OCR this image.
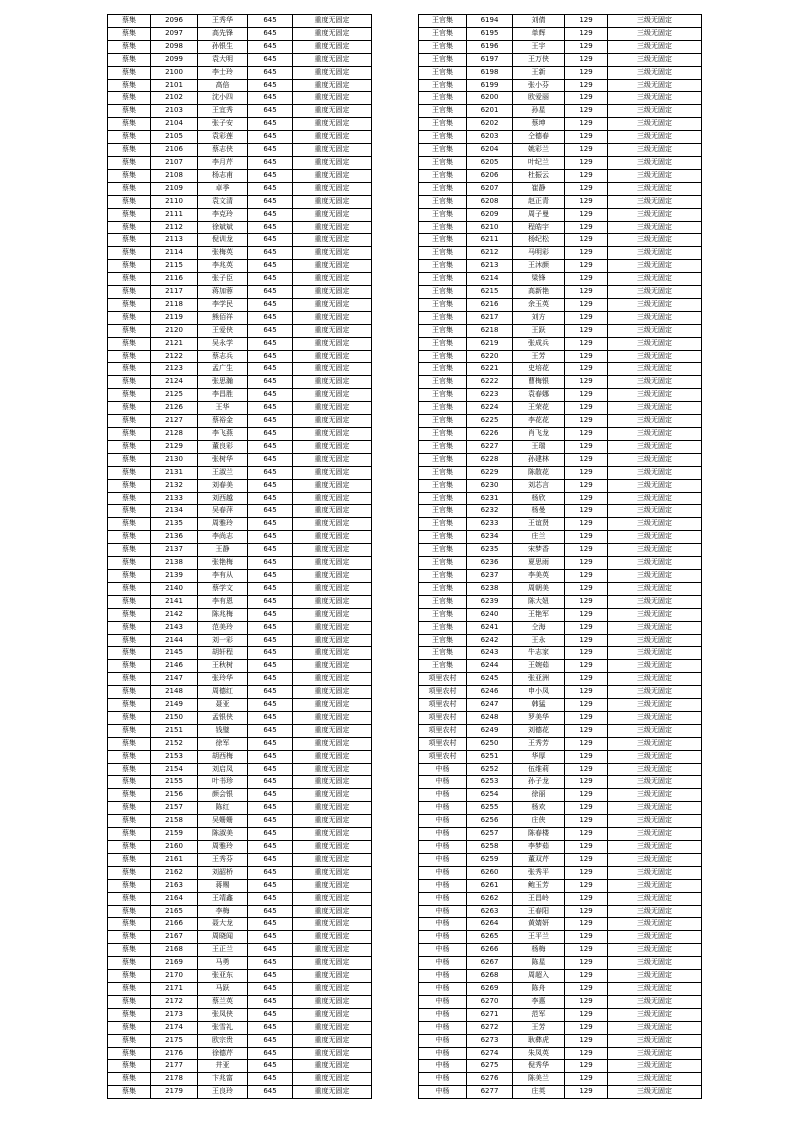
蔡集	2096	王秀华	645	重度无固定
蔡集	2097	高先锋	645	重度无固定
蔡集	2098	孙银生	645	重度无固定
蔡集	2099	袁大明	645	重度无固定
蔡集	2100	李士玲	645	重度无固定
蔡集	2101	高倍	645	重度无固定
蔡集	2102	沈小四	645	重度无固定
蔡集	2103	王宜秀	645	重度无固定
蔡集	2104	张子安	645	重度无固定
蔡集	2105	袁彩莲	645	重度无固定
蔡集	2106	蔡志侠	645	重度无固定
蔡集	2107	李月芹	645	重度无固定
蔡集	2108	杨志甫	645	重度无固定
蔡集	2109	卓季	645	重度无固定
蔡集	2110	袁文清	645	重度无固定
蔡集	2111	李克玲	645	重度无固定
蔡集	2112	徐斌斌	645	重度无固定
蔡集	2113	倪训龙	645	重度无固定
蔡集	2114	张梅英	645	重度无固定
蔡集	2115	李兆英	645	重度无固定
蔡集	2116	张子臣	645	重度无固定
蔡集	2117	蒋加蓉	645	重度无固定
蔡集	2118	李学民	645	重度无固定
蔡集	2119	熊佰祥	645	重度无固定
蔡集	2120	王爱侠	645	重度无固定
蔡集	2121	吴永学	645	重度无固定
蔡集	2122	蔡志兵	645	重度无固定
蔡集	2123	孟广生	645	重度无固定
蔡集	2124	张思瀚	645	重度无固定
蔡集	2125	李昌胜	645	重度无固定
蔡集	2126	王华	645	重度无固定
蔡集	2127	蔡裕金	645	重度无固定
蔡集	2128	李飞燕	645	重度无固定
蔡集	2129	董良彩	645	重度无固定
蔡集	2130	张树华	645	重度无固定
蔡集	2131	王淑兰	645	重度无固定
蔡集	2132	刘春美	645	重度无固定
蔡集	2133	刘西越	645	重度无固定
蔡集	2134	吴春萍	645	重度无固定
蔡集	2135	周雅玲	645	重度无固定
蔡集	2136	李尚志	645	重度无固定
蔡集	2137	王静	645	重度无固定
蔡集	2138	张艳梅	645	重度无固定
蔡集	2139	李有从	645	重度无固定
蔡集	2140	蔡学文	645	重度无固定
蔡集	2141	李有恩	645	重度无固定
蔡集	2142	陈兆梅	645	重度无固定
蔡集	2143	范美玲	645	重度无固定
蔡集	2144	刘一彩	645	重度无固定
蔡集	2145	胡轩程	645	重度无固定
蔡集	2146	王秋树	645	重度无固定
蔡集	2147	张玲华	645	重度无固定
蔡集	2148	周德红	645	重度无固定
蔡集	2149	聂亚	645	重度无固定
蔡集	2150	孟银侠	645	重度无固定
蔡集	2151	钱璧	645	重度无固定
蔡集	2152	徐军	645	重度无固定
蔡集	2153	胡西梅	645	重度无固定
蔡集	2154	刘启凤	645	重度无固定
蔡集	2155	叶书珍	645	重度无固定
蔡集	2156	颜会银	645	重度无固定
蔡集	2157	陈红	645	重度无固定
蔡集	2158	吴姗姗	645	重度无固定
蔡集	2159	陈淑美	645	重度无固定
蔡集	2160	周雅玲	645	重度无固定
蔡集	2161	王秀芬	645	重度无固定
蔡集	2162	刘韶桥	645	重度无固定
蔡集	2163	蒋赐	645	重度无固定
蔡集	2164	王靖鑫	645	重度无固定
蔡集	2165	李梅	645	重度无固定
蔡集	2166	聂大龙	645	重度无固定
蔡集	2167	周晓闻	645	重度无固定
蔡集	2168	王正兰	645	重度无固定
蔡集	2169	马勇	645	重度无固定
蔡集	2170	张亚东	645	重度无固定
蔡集	2171	马跃	645	重度无固定
蔡集	2172	蔡兰英	645	重度无固定
蔡集	2173	张凤侠	645	重度无固定
蔡集	2174	张雪礼	645	重度无固定
蔡集	2175	欧宗贵	645	重度无固定
蔡集	2176	徐德芹	645	重度无固定
蔡集	2177	井亚	645	重度无固定
蔡集	2178	卞兆富	645	重度无固定
蔡集	2179	王良玲	645	重度无固定
王官集	6194	刘倩	129	三级无固定
王官集	6195	单辉	129	三级无固定
王官集	6196	王宇	129	三级无固定
王官集	6197	王万侠	129	三级无固定
王官集	6198	王新	129	三级无固定
王官集	6199	张小芬	129	三级无固定
王官集	6200	欧爱丽	129	三级无固定
王官集	6201	孙星	129	三级无固定
王官集	6202	蔡坤	129	三级无固定
王官集	6203	仝德春	129	三级无固定
王官集	6204	姚彩兰	129	三级无固定
王官集	6205	叶纪兰	129	三级无固定
王官集	6206	杜振云	129	三级无固定
王官集	6207	崔静	129	三级无固定
王官集	6208	赵正青	129	三级无固定
王官集	6209	周子曼	129	三级无固定
王官集	6210	程皓宇	129	三级无固定
王官集	6211	杨纪松	129	三级无固定
王官集	6212	马明彩	129	三级无固定
王官集	6213	王沐颜	129	三级无固定
王官集	6214	梁锋	129	三级无固定
王官集	6215	高新艳	129	三级无固定
王官集	6216	余玉英	129	三级无固定
王官集	6217	刘方	129	三级无固定
王官集	6218	王跃	129	三级无固定
王官集	6219	张成兵	129	三级无固定
王官集	6220	王芳	129	三级无固定
王官集	6221	史培花	129	三级无固定
王官集	6222	曹梅银	129	三级无固定
王官集	6223	袁春娜	129	三级无固定
王官集	6224	王荣花	129	三级无固定
王官集	6225	李花花	129	三级无固定
王官集	6226	肖飞龙	129	三级无固定
王官集	6227	王瑞	129	三级无固定
王官集	6228	孙建林	129	三级无固定
王官集	6229	陈散花	129	三级无固定
王官集	6230	刘芯言	129	三级无固定
王官集	6231	杨欣	129	三级无固定
王官集	6232	杨曼	129	三级无固定
王官集	6233	王谊贤	129	三级无固定
王官集	6234	庄兰	129	三级无固定
王官集	6235	宋梦香	129	三级无固定
王官集	6236	夏思雨	129	三级无固定
王官集	6237	李美英	129	三级无固定
王官集	6238	周朝美	129	三级无固定
王官集	6239	陈大妞	129	三级无固定
王官集	6240	王艳军	129	三级无固定
王官集	6241	仝海	129	三级无固定
王官集	6242	王永	129	三级无固定
王官集	6243	牛志家	129	三级无固定
王官集	6244	王婉茹	129	三级无固定
项里农村	6245	张亚洲	129	三级无固定
项里农村	6246	申小凤	129	三级无固定
项里农村	6247	韩猛	129	三级无固定
项里农村	6248	罗美华	129	三级无固定
项里农村	6249	刘德花	129	三级无固定
项里农村	6250	王秀芳	129	三级无固定
项里农村	6251	华厚	129	三级无固定
中杨	6252	伍维莉	129	三级无固定
中杨	6253	孙子龙	129	三级无固定
中杨	6254	徐丽	129	三级无固定
中杨	6255	杨欢	129	三级无固定
中杨	6256	庄侠	129	三级无固定
中杨	6257	陈春楼	129	三级无固定
中杨	6258	李梦茹	129	三级无固定
中杨	6259	董双芹	129	三级无固定
中杨	6260	张秀平	129	三级无固定
中杨	6261	鲍玉芳	129	三级无固定
中杨	6262	王昌岭	129	三级无固定
中杨	6263	王春阳	129	三级无固定
中杨	6264	黄婧妍	129	三级无固定
中杨	6265	王平兰	129	三级无固定
中杨	6266	杨梅	129	三级无固定
中杨	6267	陈星	129	三级无固定
中杨	6268	周超入	129	三级无固定
中杨	6269	陈舟	129	三级无固定
中杨	6270	李惠	129	三级无固定
中杨	6271	范军	129	三级无固定
中杨	6272	王芳	129	三级无固定
中杨	6273	耿彝虎	129	三级无固定
中杨	6274	朱凤英	129	三级无固定
中杨	6275	倪秀华	129	三级无固定
中杨	6276	陈美兰	129	三级无固定
中杨	6277	庄英	129	三级无固定
